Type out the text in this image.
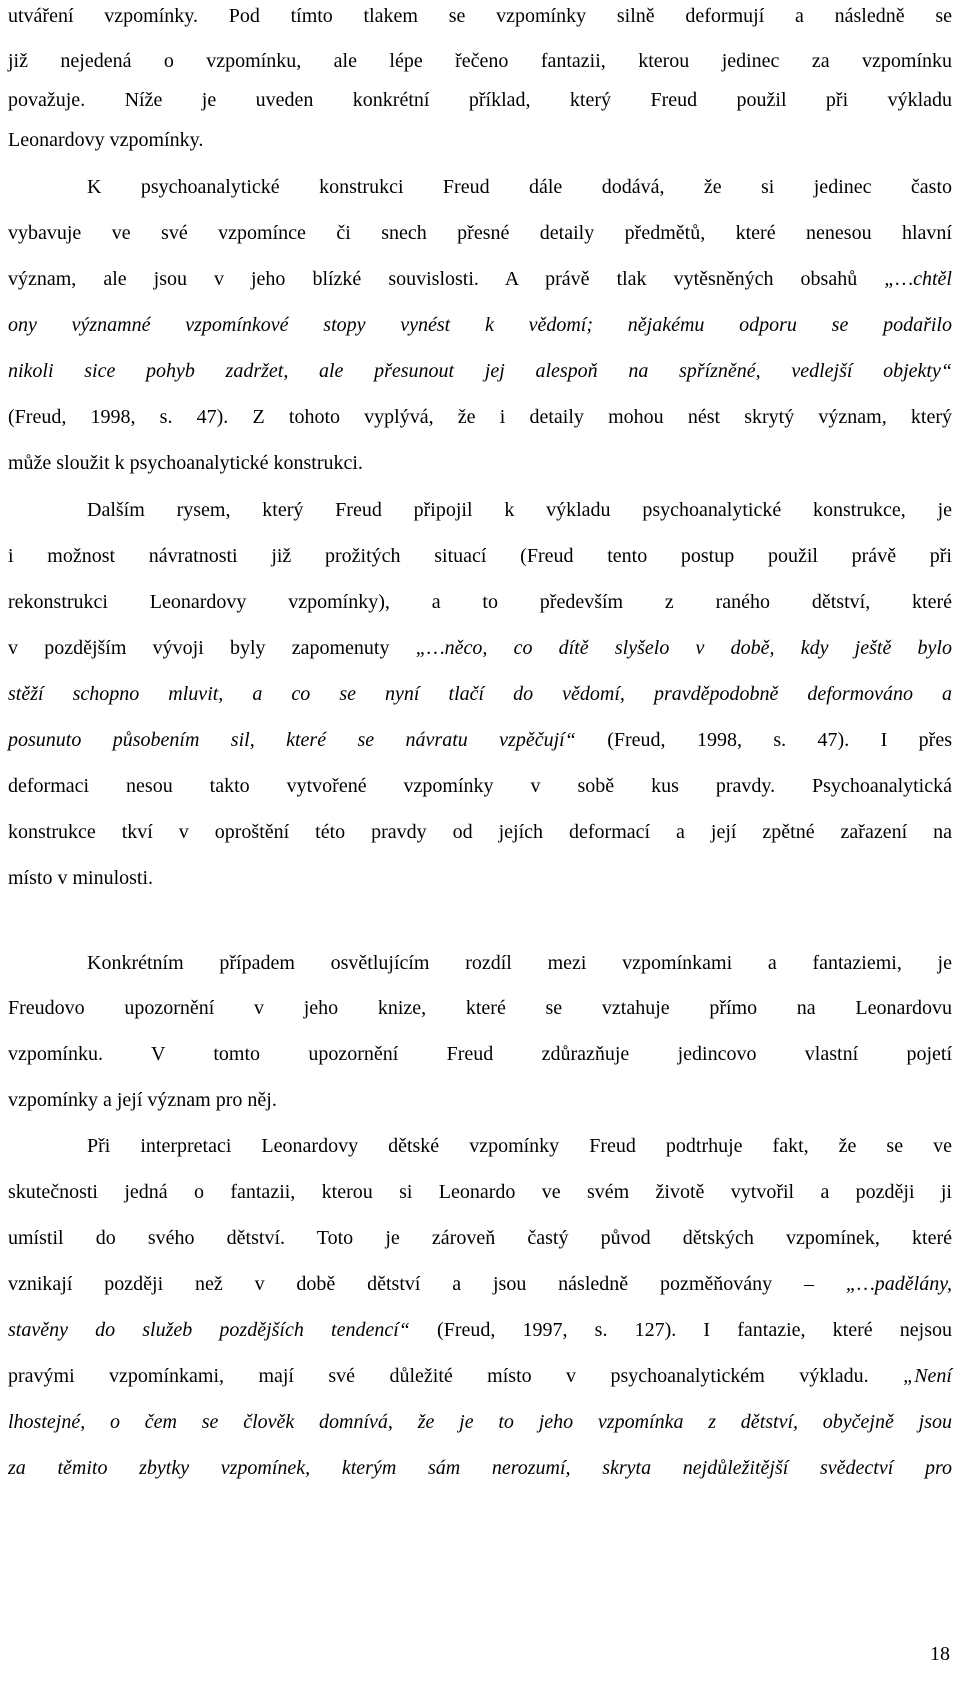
utváření vzpomínky. Pod tímto tlakem se vzpomínky silně deformují a následně se
již nejedená o vzpomínku, ale lépe řečeno fantazii, kterou jedinec za vzpomínku
považuje. Níže je uveden konkrétní příklad, který Freud použil při výkladu
Leonardovy vzpomínky.
K psychoanalytické konstrukci Freud dále dodává, že si jedinec často
vybavuje ve své vzpomínce či snech přesné detaily předmětů, které nenesou hlavní
význam, ale jsou v jeho blízké souvislosti. A právě tlak vytěsněných obsahů „…chtěl
ony významné vzpomínkové stopy vynést k vědomí; nějakému odporu se podařilo
nikoli sice pohyb zadržet, ale přesunout jej alespoň na spřízněné, vedlejší objekty“
(Freud, 1998, s. 47). Z tohoto vyplývá, že i detaily mohou nést skrytý význam, který
může sloužit k psychoanalytické konstrukci.
Dalším rysem, který Freud připojil k výkladu psychoanalytické konstrukce, je
i možnost návratnosti již prožitých situací (Freud tento postup použil právě při
rekonstrukci Leonardovy vzpomínky), a to především z raného dětství, které
v pozdějším vývoji byly zapomenuty „…něco, co dítě slyšelo v době, kdy ještě bylo
stěží schopno mluvit, a co se nyní tlačí do vědomí, pravděpodobně deformováno a
posunuto působením sil, které se návratu vzpěčují“ (Freud, 1998, s. 47). I přes
deformaci nesou takto vytvořené vzpomínky v sobě kus pravdy. Psychoanalytická
konstrukce tkví v oproštění této pravdy od jejích deformací a její zpětné zařazení na
místo v minulosti.
Konkrétním případem osvětlujícím rozdíl mezi vzpomínkami a fantaziemi, je
Freudovo upozornění v jeho knize, které se vztahuje přímo na Leonardovu
vzpomínku. V tomto upozornění Freud zdůrazňuje jedincovo vlastní pojetí
vzpomínky a její význam pro něj.
Při interpretaci Leonardovy dětské vzpomínky Freud podtrhuje fakt, že se ve
skutečnosti jedná o fantazii, kterou si Leonardo ve svém životě vytvořil a později ji
umístil do svého dětství. Toto je zároveň častý původ dětských vzpomínek, které
vznikají později než v době dětství a jsou následně pozměňovány – „…padělány,
stavěny do služeb pozdějších tendencí“ (Freud, 1997, s. 127). I fantazie, které nejsou
pravými vzpomínkami, mají své důležité místo v psychoanalytickém výkladu. „Není
lhostejné, o čem se člověk domnívá, že je to jeho vzpomínka z dětství, obyčejně jsou
za těmito zbytky vzpomínek, kterým sám nerozumí, skryta nejdůležitější svědectví pro
18
